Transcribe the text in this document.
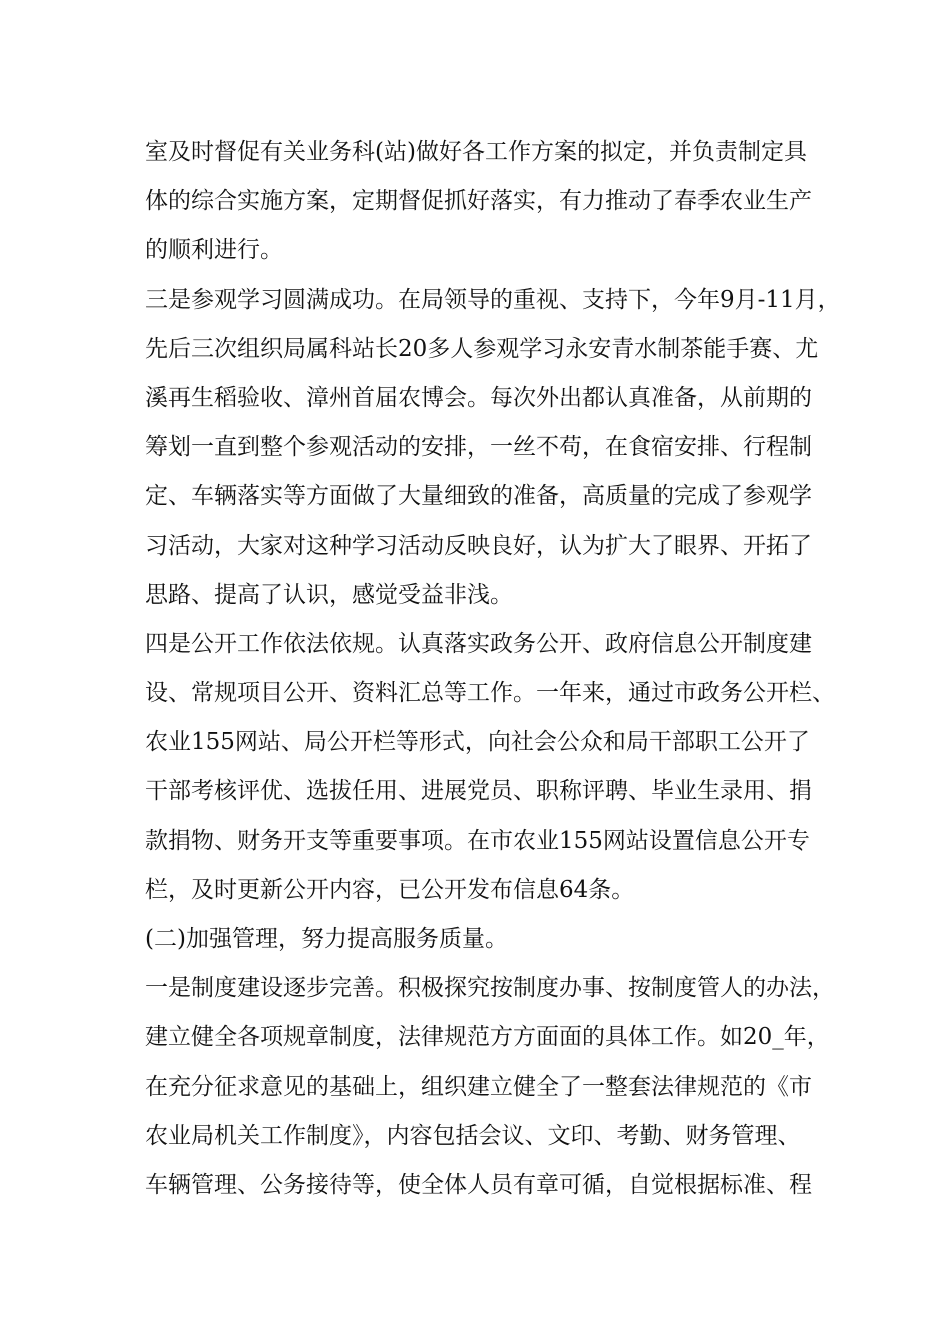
室及时督促有关业务科(站)做好各工作方案的拟定，并负责制定具
体的综合实施方案，定期督促抓好落实，有力推动了春季农业生产
的顺利进行。
三是参观学习圆满成功。在局领导的重视、支持下，今年9月-11月，
先后三次组织局属科站长20多人参观学习永安青水制茶能手赛、尤
溪再生稻验收、漳州首届农博会。每次外出都认真准备，从前期的
筹划一直到整个参观活动的安排，一丝不苟，在食宿安排、行程制
定、车辆落实等方面做了大量细致的准备，高质量的完成了参观学
习活动，大家对这种学习活动反映良好，认为扩大了眼界、开拓了
思路、提高了认识，感觉受益非浅。
四是公开工作依法依规。认真落实政务公开、政府信息公开制度建
设、常规项目公开、资料汇总等工作。一年来，通过市政务公开栏、
农业155网站、局公开栏等形式，向社会公众和局干部职工公开了
干部考核评优、选拔任用、进展党员、职称评聘、毕业生录用、捐
款捐物、财务开支等重要事项。在市农业155网站设置信息公开专
栏，及时更新公开内容，已公开发布信息64条。
(二)加强管理，努力提高服务质量。
一是制度建设逐步完善。积极探究按制度办事、按制度管人的办法，
建立健全各项规章制度，法律规范方方面面的具体工作。如20_年，
在充分征求意见的基础上，组织建立健全了一整套法律规范的《市
农业局机关工作制度》，内容包括会议、文印、考勤、财务管理、
车辆管理、公务接待等，使全体人员有章可循，自觉根据标准、程
